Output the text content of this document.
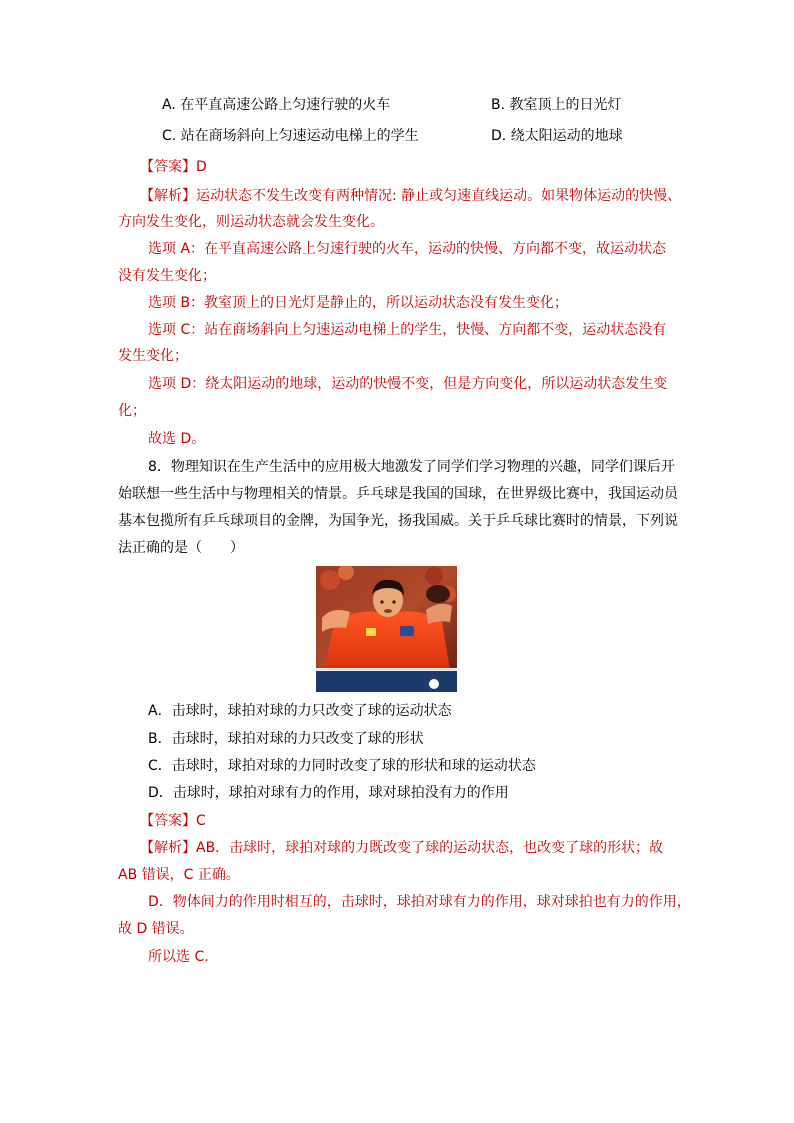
A. 在平直高速公路上匀速行驶的火车	B. 教室顶上的日光灯
C. 站在商场斜向上匀速运动电梯上的学生	D. 绕太阳运动的地球
【答案】D
【解析】运动状态不发生改变有两种情况: 静止或匀速直线运动。如果物体运动的快慢、
方向发生变化，则运动状态就会发生变化。
选项 A：在平直高速公路上匀速行驶的火车，运动的快慢、方向都不变，故运动状态
没有发生变化；
选项 B：教室顶上的日光灯是静止的，所以运动状态没有发生变化；
选项 C：站在商场斜向上匀速运动电梯上的学生，快慢、方向都不变，运动状态没有
发生变化；
选项 D：绕太阳运动的地球，运动的快慢不变，但是方向变化，所以运动状态发生变
化；
故选 D。
8．物理知识在生产生活中的应用极大地激发了同学们学习物理的兴趣，同学们课后开
始联想一些生活中与物理相关的情景。乒乓球是我国的国球，在世界级比赛中，我国运动员
基本包揽所有乒乓球项目的金牌，为国争光，扬我国威。关于乒乓球比赛时的情景，下列说
法正确的是（　　）
A．击球时，球拍对球的力只改变了球的运动状态
B．击球时，球拍对球的力只改变了球的形状
C．击球时，球拍对球的力同时改变了球的形状和球的运动状态
D．击球时，球拍对球有力的作用，球对球拍没有力的作用
【答案】C
【解析】AB．击球时，球拍对球的力既改变了球的运动状态，也改变了球的形状；故
AB 错误，C 正确。
D．物体间力的作用时相互的，击球时，球拍对球有力的作用，球对球拍也有力的作用，
故 D 错误。
所以选 C.
